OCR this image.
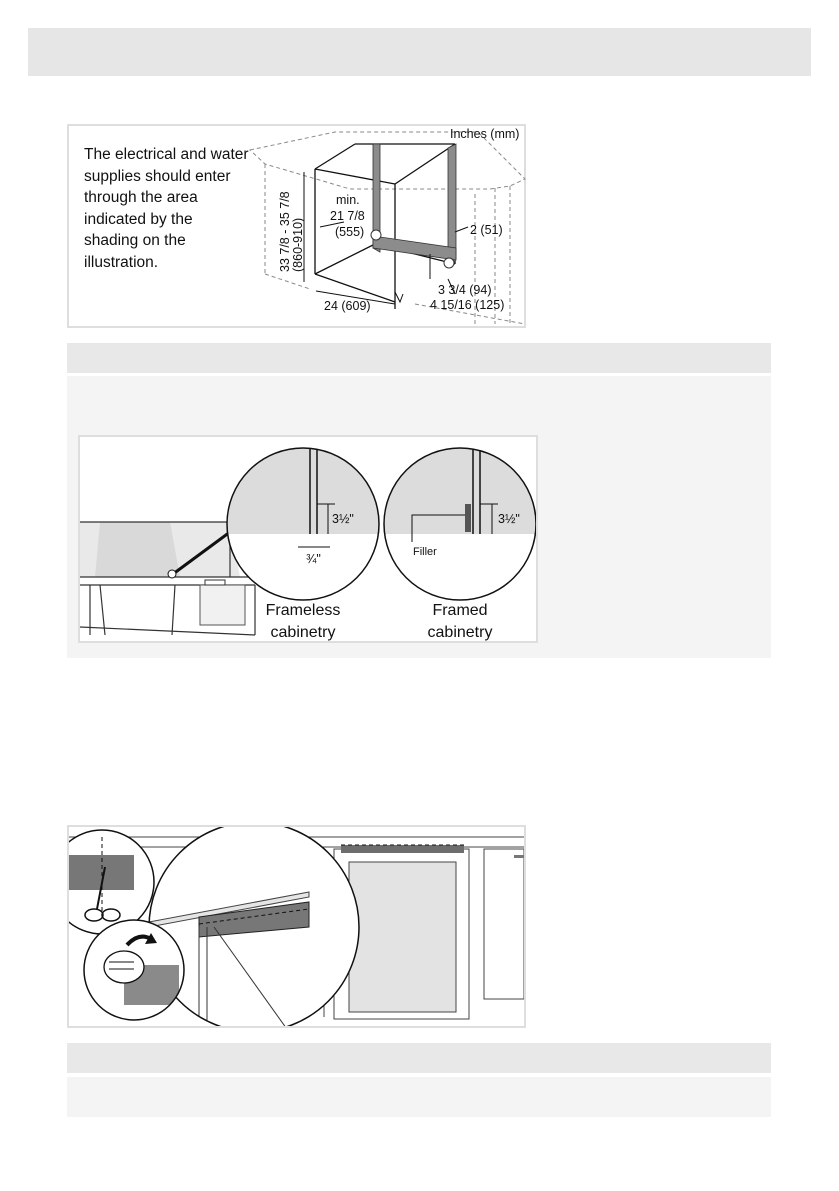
The electrical and water supplies should enter through the area indicated by the shading on the illustration.
Inches (mm)
33 7/8 - 35 7/8 (860-910)
min.
21 7/8
(555)	2 (51)
3 3/4 (94)
4 15/16 (125)
24 (609)
3½"
¾"
3½"
Filler
Frameless
cabinetry
Framed
cabinetry
